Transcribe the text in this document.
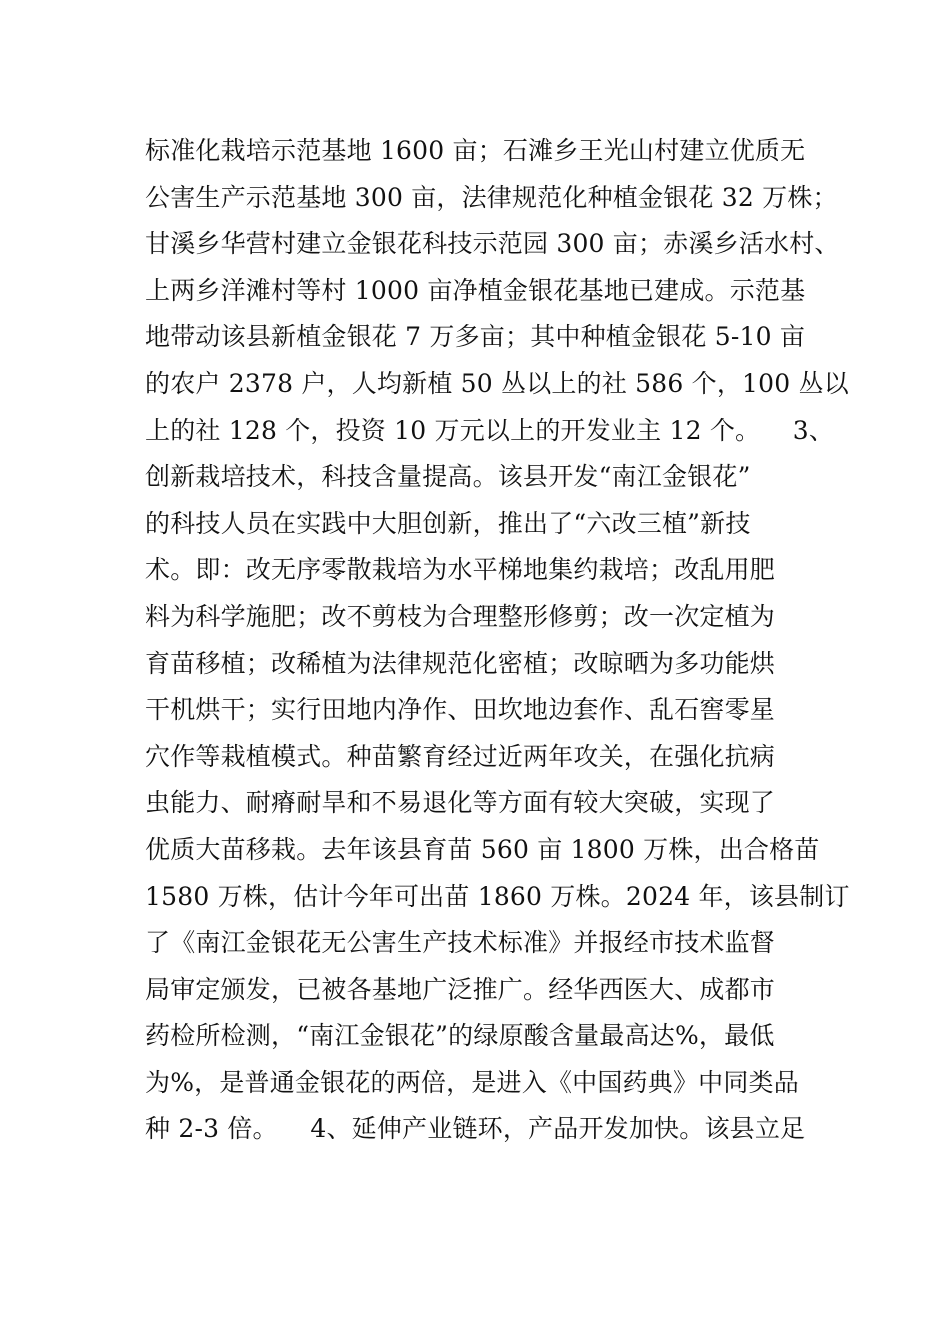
标准化栽培示范基地 1600 亩；石滩乡王光山村建立优质无
公害生产示范基地 300 亩，法律规范化种植金银花 32 万株；
甘溪乡华营村建立金银花科技示范园 300 亩；赤溪乡活水村、
上两乡洋滩村等村 1000 亩净植金银花基地已建成。示范基
地带动该县新植金银花 7 万多亩；其中种植金银花 5-10 亩
的农户 2378 户，人均新植 50 丛以上的社 586 个，100 丛以
上的社 128 个，投资 10 万元以上的开发业主 12 个。    3、
创新栽培技术，科技含量提高。该县开发“南江金银花”
的科技人员在实践中大胆创新，推出了“六改三植”新技
术。即：改无序零散栽培为水平梯地集约栽培；改乱用肥
料为科学施肥；改不剪枝为合理整形修剪；改一次定植为
育苗移植；改稀植为法律规范化密植；改晾晒为多功能烘
干机烘干；实行田地内净作、田坎地边套作、乱石窖零星
穴作等栽植模式。种苗繁育经过近两年攻关，在强化抗病
虫能力、耐瘠耐旱和不易退化等方面有较大突破，实现了
优质大苗移栽。去年该县育苗 560 亩 1800 万株，出合格苗
1580 万株，估计今年可出苗 1860 万株。2024 年，该县制订
了《南江金银花无公害生产技术标准》并报经市技术监督
局审定颁发，已被各基地广泛推广。经华西医大、成都市
药检所检测，“南江金银花”的绿原酸含量最高达%，最低
为%，是普通金银花的两倍，是进入《中国药典》中同类品
种 2-3 倍。    4、延伸产业链环，产品开发加快。该县立足
